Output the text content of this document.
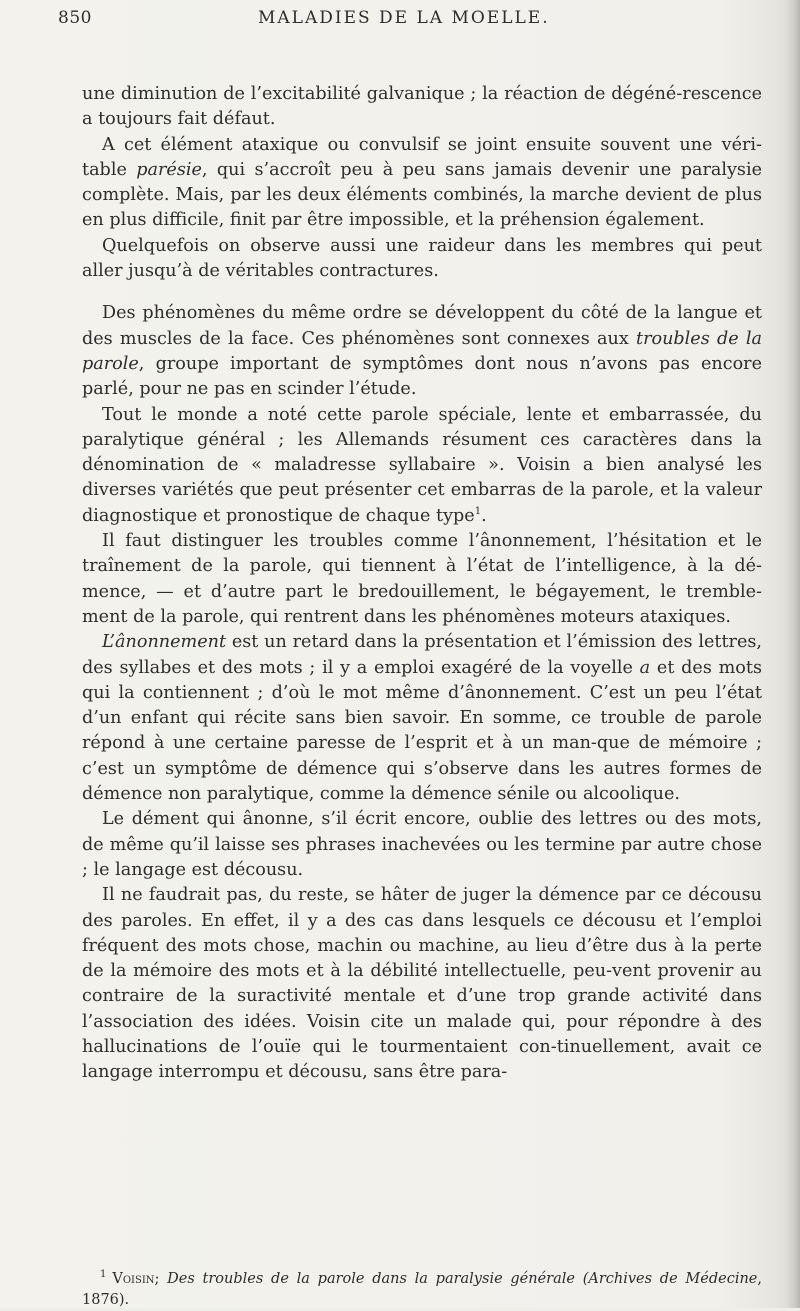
850	MALADIES DE LA MOELLE.

une diminution de l’excitabilité galvanique ; la réaction de dégéné-rescence a toujours fait défaut.

A cet élément ataxique ou convulsif se joint ensuite souvent une véri-table parésie, qui s’accroît peu à peu sans jamais devenir une paralysie complète. Mais, par les deux éléments combinés, la marche devient de plus en plus difficile, finit par être impossible, et la préhension également.

Quelquefois on observe aussi une raideur dans les membres qui peut aller jusqu’à de véritables contractures.

Des phénomènes du même ordre se développent du côté de la langue et des muscles de la face. Ces phénomènes sont connexes aux troubles de la parole, groupe important de symptômes dont nous n’avons pas encore parlé, pour ne pas en scinder l’étude.

Tout le monde a noté cette parole spéciale, lente et embarrassée, du paralytique général ; les Allemands résument ces caractères dans la dénomination de « maladresse syllabaire ». Voisin a bien analysé les diverses variétés que peut présenter cet embarras de la parole, et la valeur diagnostique et pronostique de chaque type$^1$.

Il faut distinguer les troubles comme l’ânonnement, l’hésitation et le traînement de la parole, qui tiennent à l’état de l’intelligence, à la dé-mence, — et d’autre part le bredouillement, le bégayement, le tremble-ment de la parole, qui rentrent dans les phénomènes moteurs ataxiques.

L’ânonnement est un retard dans la présentation et l’émission des lettres, des syllabes et des mots ; il y a emploi exagéré de la voyelle a et des mots qui la contiennent ; d’où le mot même d’ânonnement. C’est un peu l’état d’un enfant qui récite sans bien savoir. En somme, ce trouble de parole répond à une certaine paresse de l’esprit et à un man-que de mémoire ; c’est un symptôme de démence qui s’observe dans les autres formes de démence non paralytique, comme la démence sénile ou alcoolique.

Le dément qui ânonne, s’il écrit encore, oublie des lettres ou des mots, de même qu’il laisse ses phrases inachevées ou les termine par autre chose ; le langage est décousu.

Il ne faudrait pas, du reste, se hâter de juger la démence par ce décousu des paroles. En effet, il y a des cas dans lesquels ce décousu et l’emploi fréquent des mots chose, machin ou machine, au lieu d’être dus à la perte de la mémoire des mots et à la débilité intellectuelle, peu-vent provenir au contraire de la suractivité mentale et d’une trop grande activité dans l’association des idées. Voisin cite un malade qui, pour répondre à des hallucinations de l’ouïe qui le tourmentaient con-tinuellement, avait ce langage interrompu et décousu, sans être para-

$^1$ Voisin; Des troubles de la parole dans la paralysie générale (Archives de Médecine, 1876).
